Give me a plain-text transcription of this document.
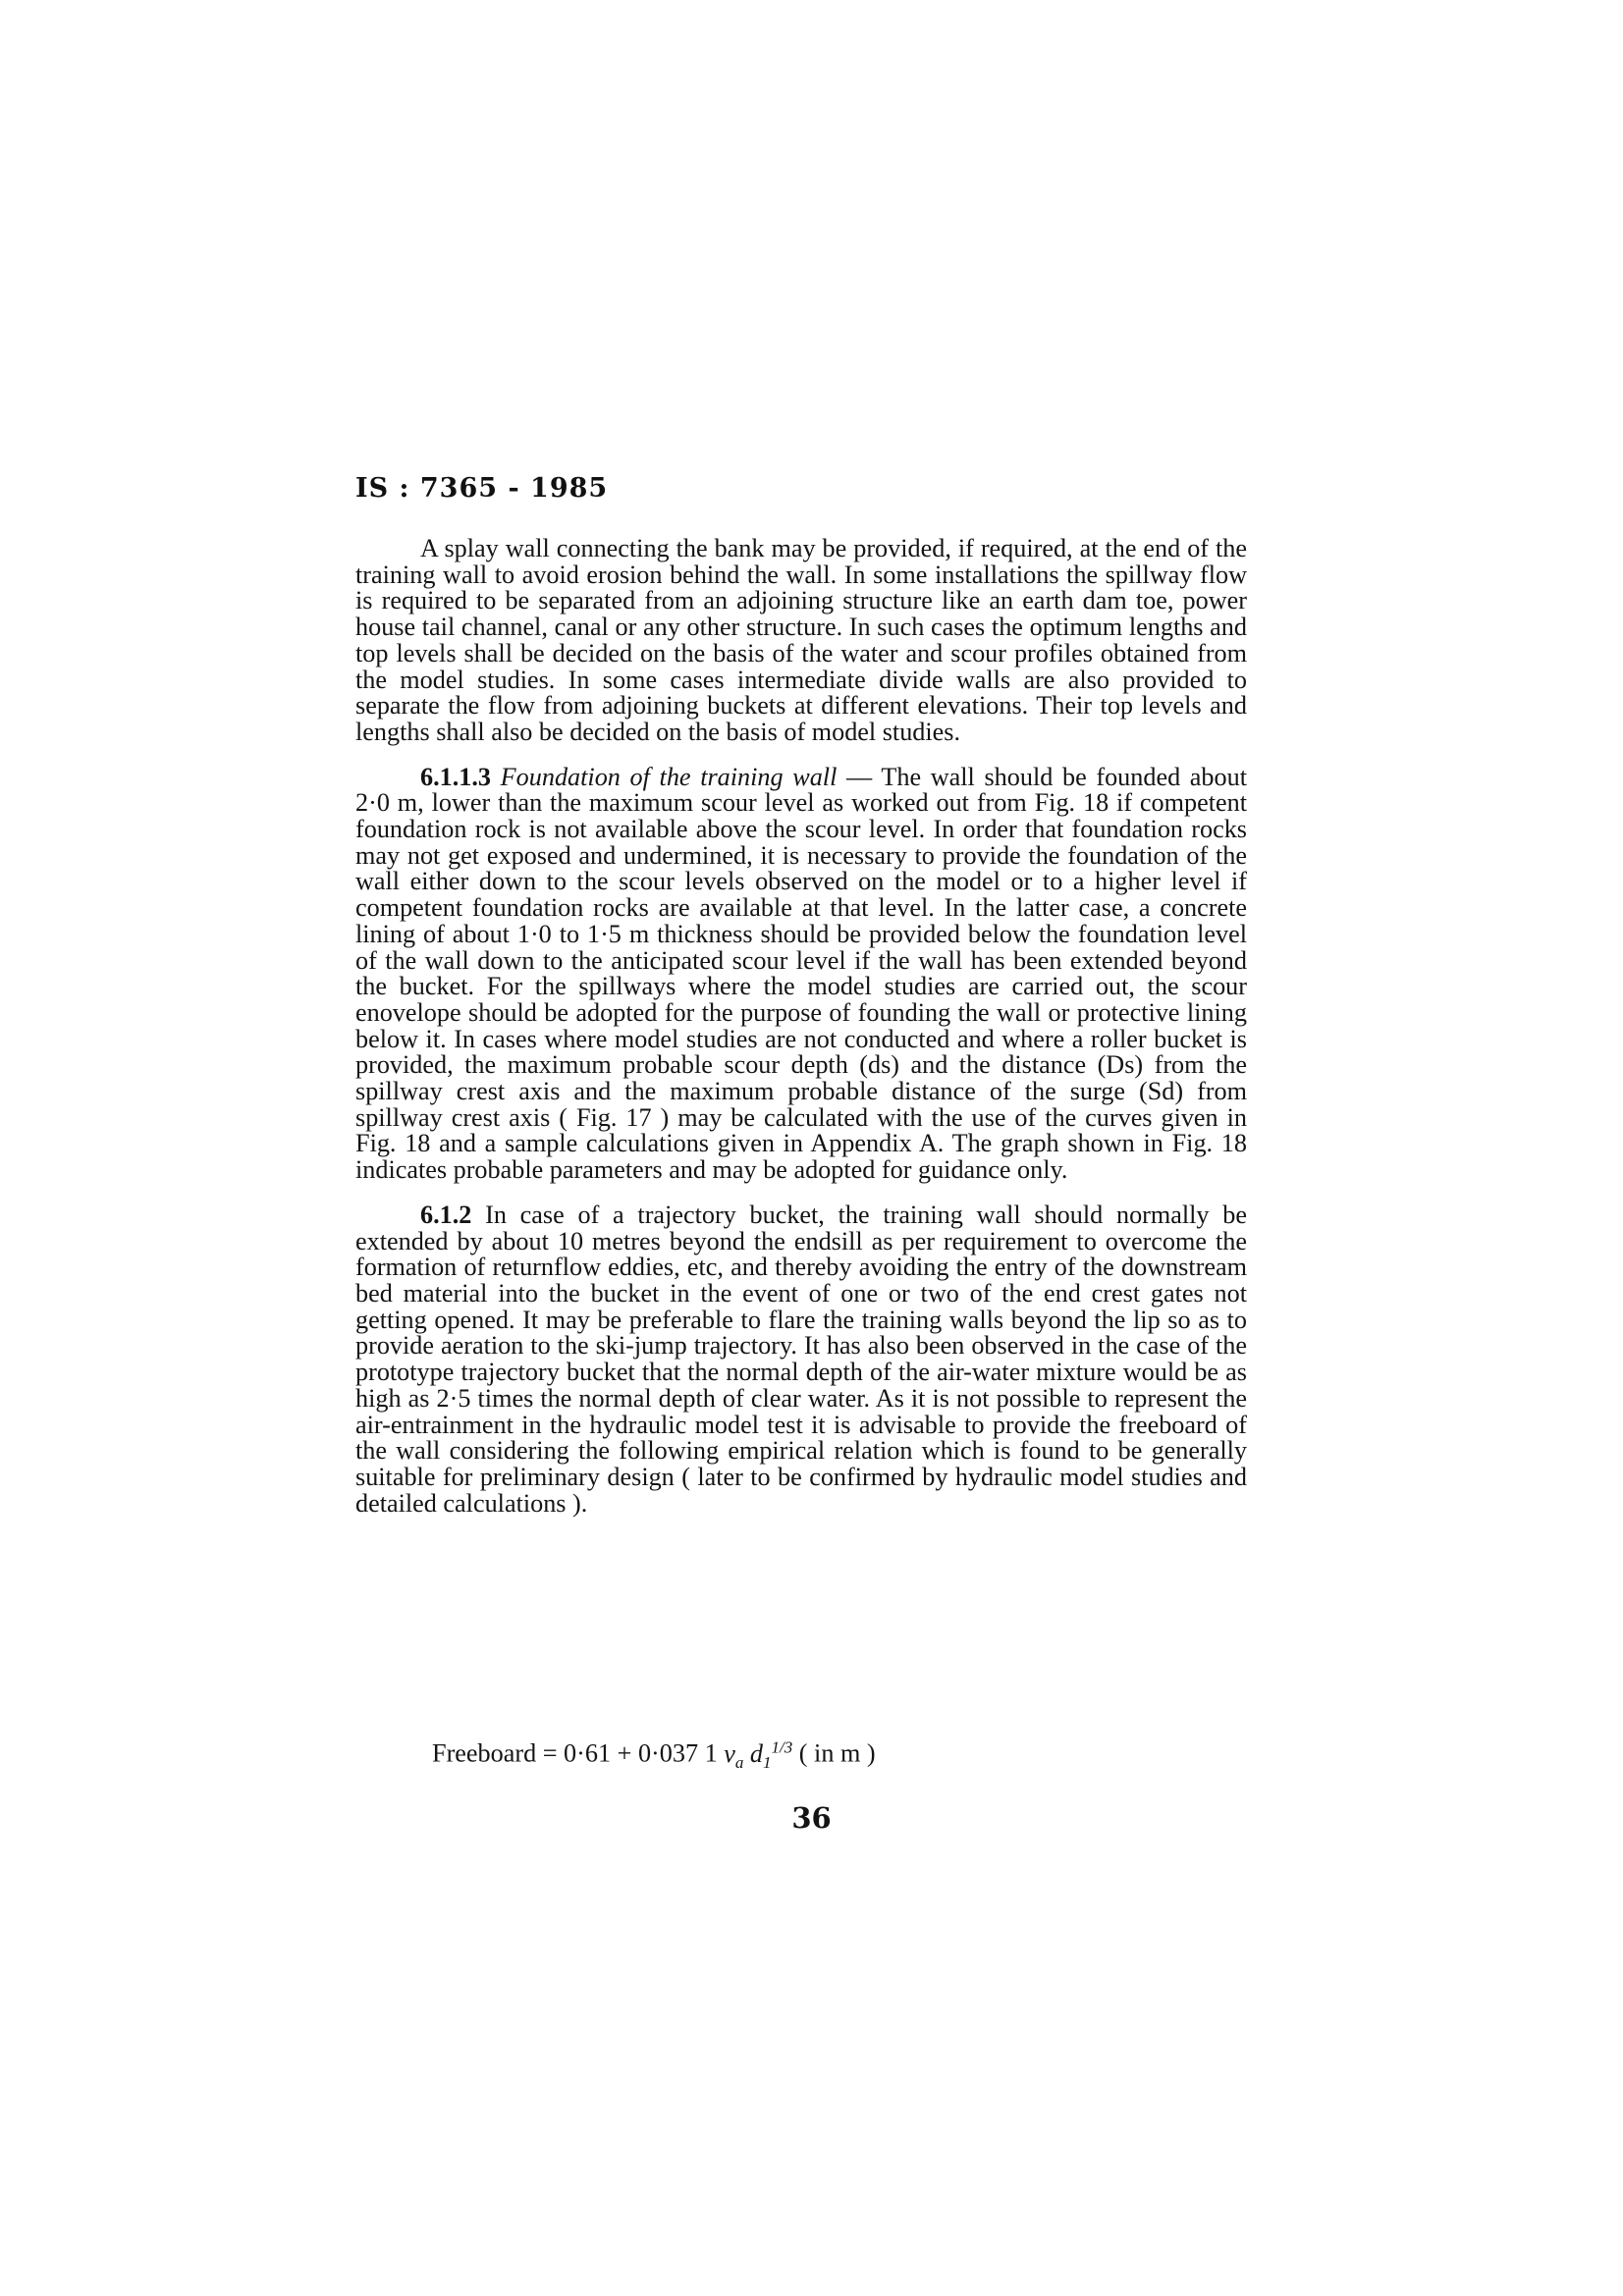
IS : 7365 - 1985

A splay wall connecting the bank may be provided, if required, at the end of the training wall to avoid erosion behind the wall. In some installations the spillway flow is required to be separated from an adjoining structure like an earth dam toe, power house tail channel, canal or any other structure. In such cases the optimum lengths and top levels shall be decided on the basis of the water and scour profiles obtained from the model studies. In some cases intermediate divide walls are also provided to separate the flow from adjoining buckets at different elevations. Their top levels and lengths shall also be decided on the basis of model studies.

6.1.1.3 Foundation of the training wall — The wall should be founded about 2·0 m, lower than the maximum scour level as worked out from Fig. 18 if competent foundation rock is not available above the scour level. In order that foundation rocks may not get exposed and undermined, it is necessary to provide the foundation of the wall either down to the scour levels observed on the model or to a higher level if competent foundation rocks are available at that level. In the latter case, a concrete lining of about 1·0 to 1·5 m thickness should be provided below the foundation level of the wall down to the anticipated scour level if the wall has been extended beyond the bucket. For the spillways where the model studies are carried out, the scour enovelope should be adopted for the purpose of founding the wall or protective lining below it. In cases where model studies are not conducted and where a roller bucket is provided, the maximum probable scour depth (ds) and the distance (Ds) from the spillway crest axis and the maximum probable distance of the surge (Sd) from spillway crest axis ( Fig. 17 ) may be calculated with the use of the curves given in Fig. 18 and a sample calculations given in Appendix A. The graph shown in Fig. 18 indicates probable parameters and may be adopted for guidance only.

6.1.2 In case of a trajectory bucket, the training wall should normally be extended by about 10 metres beyond the endsill as per requirement to overcome the formation of returnflow eddies, etc, and thereby avoiding the entry of the downstream bed material into the bucket in the event of one or two of the end crest gates not getting opened. It may be preferable to flare the training walls beyond the lip so as to provide aeration to the ski-jump trajectory. It has also been observed in the case of the prototype trajectory bucket that the normal depth of the air-water mixture would be as high as 2·5 times the normal depth of clear water. As it is not possible to represent the air-entrainment in the hydraulic model test it is advisable to provide the freeboard of the wall considering the following empirical relation which is found to be generally suitable for preliminary design ( later to be confirmed by hydraulic model studies and detailed calculations ).

Freeboard = 0·61 + 0·037 1 $v_a$ $d_1^{1/3}$ ( in m )
36
